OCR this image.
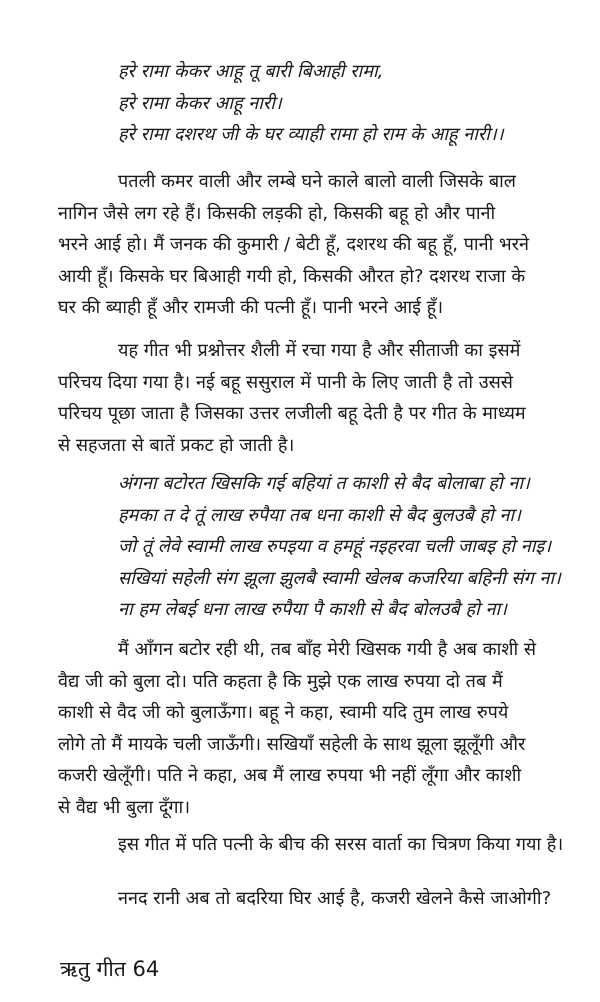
हरे रामा केकर आहू तू बारी बिआही रामा,
हरे रामा केकर आहू नारी।
हरे रामा दशरथ जी के घर व्याही रामा हो राम के आहू नारी।।
पतली कमर वाली और लम्बे घने काले बालो वाली जिसके बाल
नागिन जैसे लग रहे हैं। किसकी लड़की हो, किसकी बहू हो और पानी
भरने आई हो। मैं जनक की कुमारी / बेटी हूँ, दशरथ की बहू हूँ, पानी भरने
आयी हूँ। किसके घर बिआही गयी हो, किसकी औरत हो? दशरथ राजा के
घर की ब्याही हूँ और रामजी की पत्नी हूँ। पानी भरने आई हूँ।
यह गीत भी प्रश्नोत्तर शैली में रचा गया है और सीताजी का इसमें
परिचय दिया गया है। नई बहू ससुराल में पानी के लिए जाती है तो उससे
परिचय पूछा जाता है जिसका उत्तर लजीली बहू देती है पर गीत के माध्यम
से सहजता से बातें प्रकट हो जाती है।
अंगना बटोरत खिसकि गई बहियां त काशी से बैद बोलाबा हो ना।
हमका त दे तूं लाख रुपैया तब धना काशी से बैद बुलउबै हो ना।
जो तूं लेवे स्वामी लाख रुपइया व हमहूं नइहरवा चली जाबइ हो नाइ।
सखियां सहेली संग झूला झुलबै स्वामी खेलब कजरिया बहिनी संग ना।
ना हम लेबई धना लाख रुपैया पै काशी से बैद बोलउबै हो ना।
मैं आँगन बटोर रही थी, तब बाँह मेरी खिसक गयी है अब काशी से
वैद्य जी को बुला दो। पति कहता है कि मुझे एक लाख रुपया दो तब मैं
काशी से वैद जी को बुलाऊँगा। बहू ने कहा, स्वामी यदि तुम लाख रुपये
लोगे तो मैं मायके चली जाऊँगी। सखियाँ सहेली के साथ झूला झूलूँगी और
कजरी खेलूँगी। पति ने कहा, अब मैं लाख रुपया भी नहीं लूँगा और काशी
से वैद्य भी बुला दूँगा।
इस गीत में पति पत्नी के बीच की सरस वार्ता का चित्रण किया गया है।
ननद रानी अब तो बदरिया घिर आई है, कजरी खेलने कैसे जाओगी?
ऋतु गीत 64
